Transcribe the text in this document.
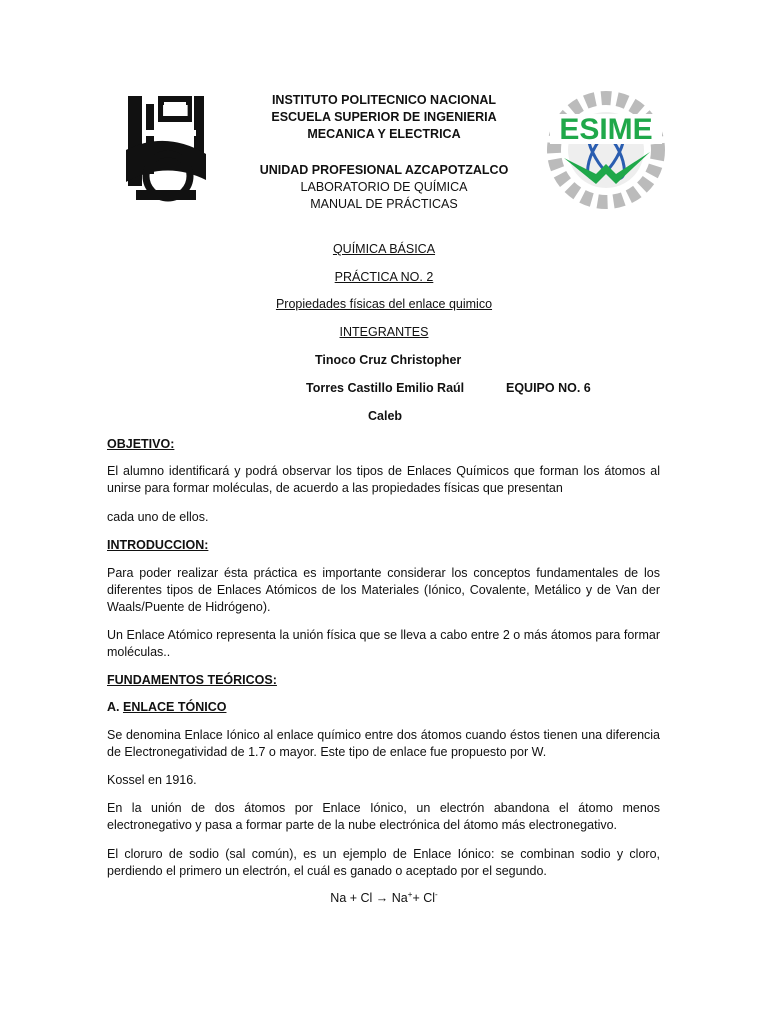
IPN
ESIME
INSTITUTO POLITECNICO NACIONAL
ESCUELA SUPERIOR DE INGENIERIA
MECANICA Y ELECTRICA
UNIDAD PROFESIONAL AZCAPOTZALCO
LABORATORIO DE QUÍMICA
MANUAL DE PRÁCTICAS
QUÍMICA BÁSICA
PRÁCTICA NO. 2
Propiedades físicas del enlace quimico
INTEGRANTES
Tinoco Cruz Christopher
Torres Castillo Emilio Raúl	EQUIPO NO. 6
Caleb
OBJETIVO:
El alumno identificará y podrá observar los tipos de Enlaces Químicos que forman los átomos al unirse para formar moléculas, de acuerdo a las propiedades físicas que presentan
cada uno de ellos.
INTRODUCCION:
Para poder realizar ésta práctica es importante considerar los conceptos fundamentales de los diferentes tipos de Enlaces Atómicos de los Materiales (Iónico, Covalente, Metálico y de Van der Waals/Puente de Hidrógeno).
Un Enlace Atómico representa la unión física que se lleva a cabo entre 2 o más átomos para formar moléculas..
FUNDAMENTOS TEÓRICOS:
A. ENLACE TÓNICO
Se denomina Enlace Iónico al enlace químico entre dos átomos cuando éstos tienen una diferencia de Electronegatividad de 1.7 o mayor. Este tipo de enlace fue propuesto por W.
Kossel en 1916.
En la unión de dos átomos por Enlace Iónico, un electrón abandona el átomo menos electronegativo y pasa a formar parte de la nube electrónica del átomo más electronegativo.
El cloruro de sodio (sal común), es un ejemplo de Enlace Iónico: se combinan sodio y cloro, perdiendo el primero un electrón, el cuál es ganado o aceptado por el segundo.
Na + Cl → Na++ Cl-
